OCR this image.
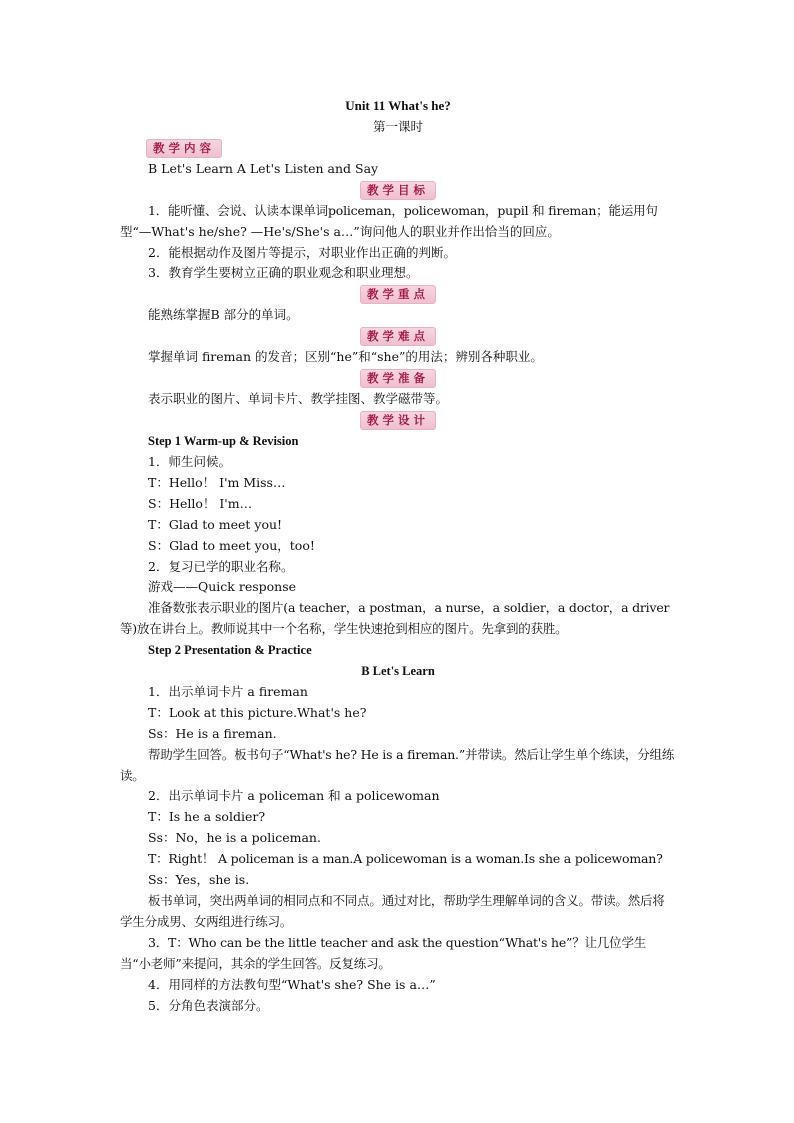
Unit 11 What's he?

第一课时

教学内容

B Let's Learn A Let's Listen and Say

教学目标

1．能听懂、会说、认读本课单词policeman，policewoman，pupil 和 fireman；能运用句

型“—What's he/she? —He's/She's a…”询问他人的职业并作出恰当的回应。

2．能根据动作及图片等提示，对职业作出正确的判断。

3．教育学生要树立正确的职业观念和职业理想。

教学重点

能熟练掌握B 部分的单词。

教学难点

掌握单词 fireman 的发音；区别“he”和“she”的用法；辨别各种职业。

教学准备

表示职业的图片、单词卡片、教学挂图、教学磁带等。

教学设计

Step 1 Warm-up & Revision

1．师生问候。

T：Hello！ I'm Miss…

S：Hello！ I'm…

T：Glad to meet you!

S：Glad to meet you，too!

2．复习已学的职业名称。

游戏——Quick response

准备数张表示职业的图片(a teacher，a postman，a nurse，a soldier，a doctor，a driver 等)放在讲台上。教师说其中一个名称，学生快速抢到相应的图片。先拿到的获胜。

Step 2 Presentation & Practice

B Let's Learn

1．出示单词卡片 a fireman

T：Look at this picture.What's he?

Ss：He is a fireman.

帮助学生回答。板书句子“What's he? He is a fireman.”并带读。然后让学生单个练读，分组练读。

2．出示单词卡片 a policeman 和 a policewoman

T：Is he a soldier?

Ss：No，he is a policeman.

T：Right！ A policeman is a man.A policewoman is a woman.Is she a policewoman?

Ss：Yes，she is.

板书单词，突出两单词的相同点和不同点。通过对比，帮助学生理解单词的含义。带读。然后将学生分成男、女两组进行练习。

3．T：Who can be the little teacher and ask the question“What's he”？让几位学生当“小老师”来提问，其余的学生回答。反复练习。

4．用同样的方法教句型“What's she? She is a…”

5．分角色表演部分。
